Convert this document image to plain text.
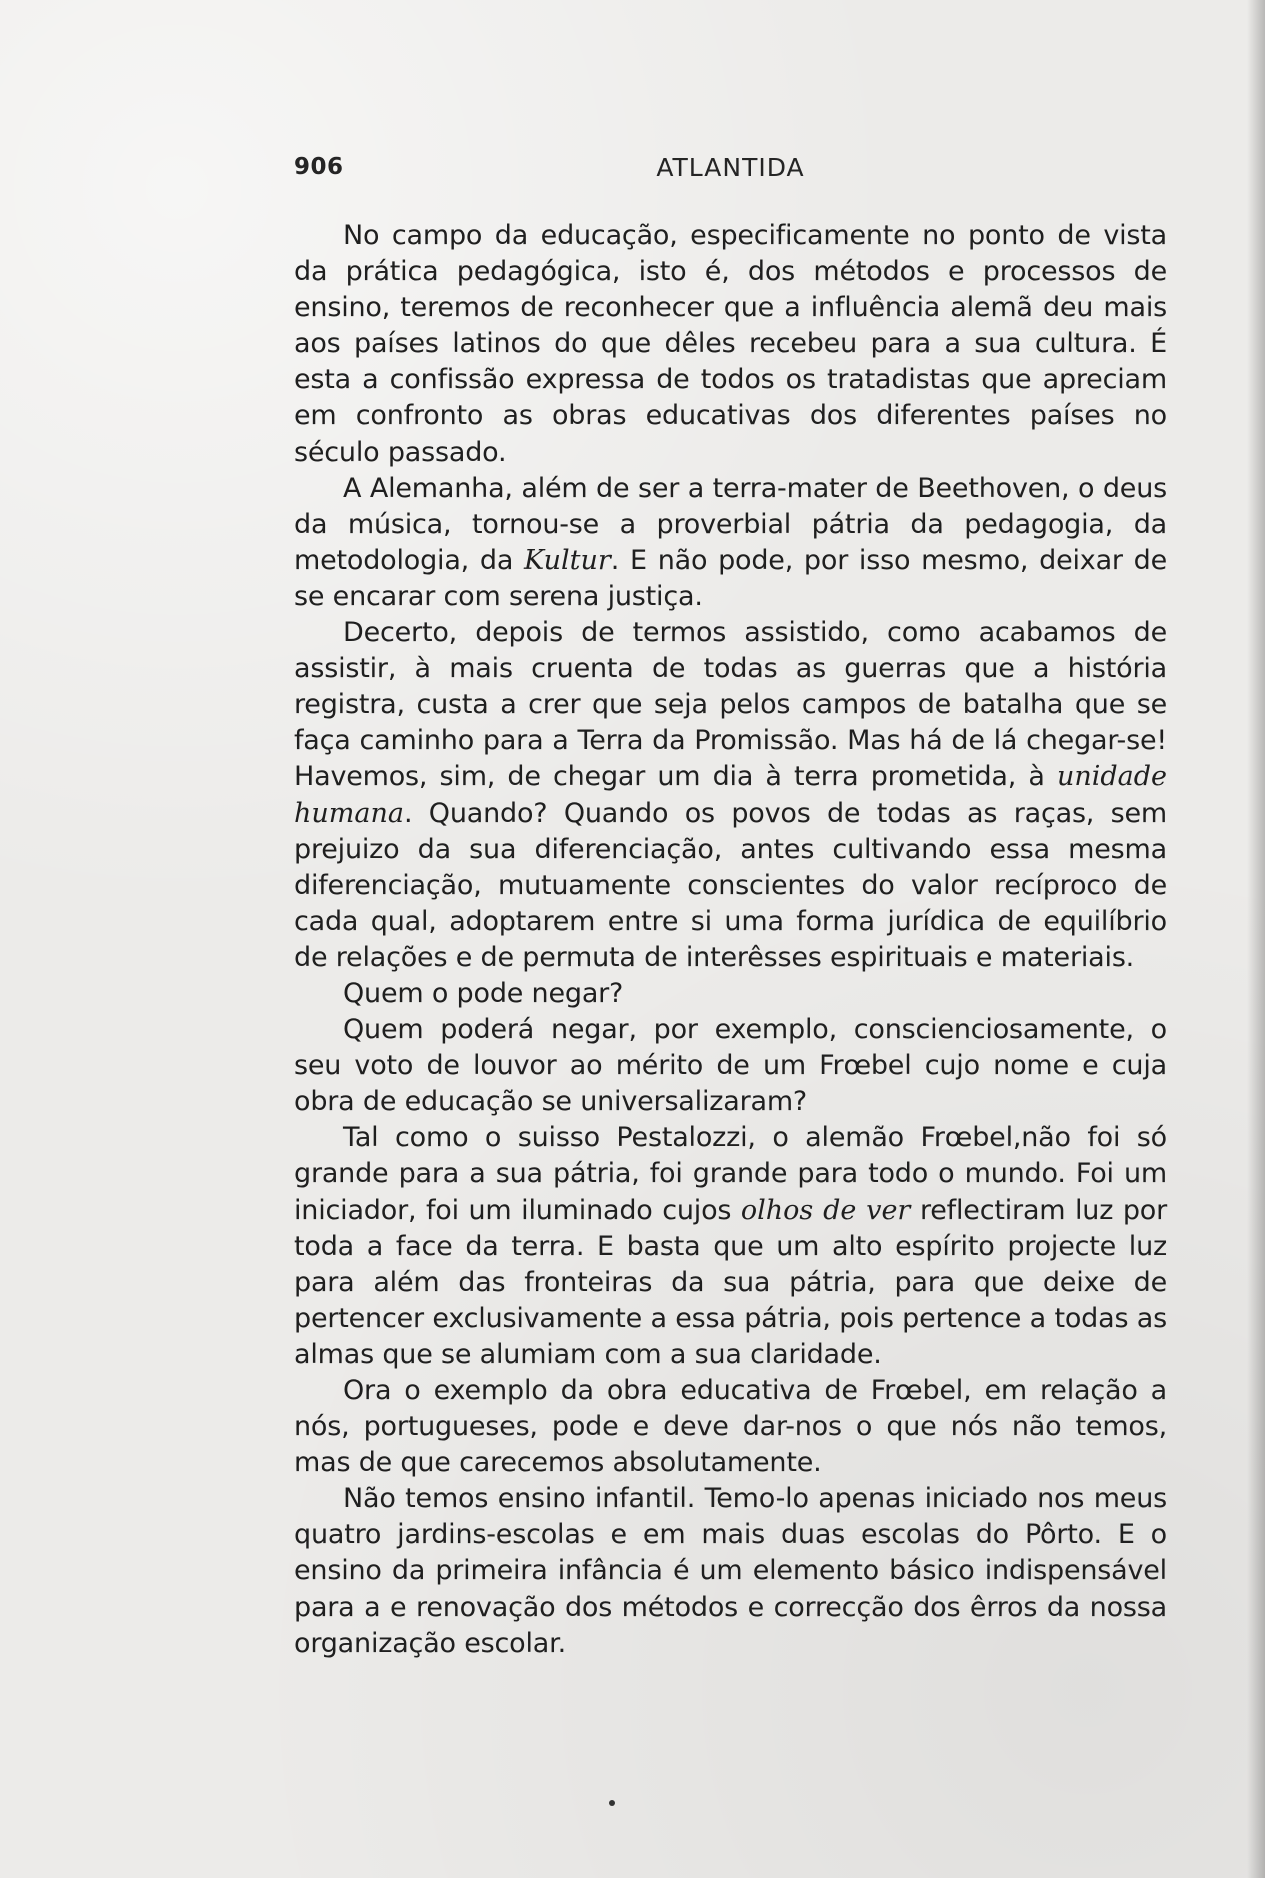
906	ATLANTIDA

No campo da educação, especificamente no ponto de vista da prática pedagógica, isto é, dos métodos e processos de ensino, teremos de reconhecer que a influência alemã deu mais aos países latinos do que dêles recebeu para a sua cultura. É esta a confissão expressa de todos os tratadistas que apreciam em confronto as obras educativas dos diferentes países no século passado.

A Alemanha, além de ser a terra-mater de Beethoven, o deus da música, tornou-se a proverbial pátria da pedagogia, da metodologia, da Kultur. E não pode, por isso mesmo, deixar de se encarar com serena justiça.

Decerto, depois de termos assistido, como acabamos de assistir, à mais cruenta de todas as guerras que a história registra, custa a crer que seja pelos campos de batalha que se faça caminho para a Terra da Promissão. Mas há de lá chegar-se! Havemos, sim, de chegar um dia à terra prometida, à unidade humana. Quando? Quando os povos de todas as raças, sem prejuizo da sua diferenciação, antes cultivando essa mesma diferenciação, mutuamente conscientes do valor recíproco de cada qual, adoptarem entre si uma forma jurídica de equilíbrio de relações e de permuta de interêsses espirituais e materiais.

Quem o pode negar?

Quem poderá negar, por exemplo, conscienciosamente, o seu voto de louvor ao mérito de um Frœbel cujo nome e cuja obra de educação se universalizaram?

Tal como o suisso Pestalozzi, o alemão Frœbel,não foi só grande para a sua pátria, foi grande para todo o mundo. Foi um iniciador, foi um iluminado cujos olhos de ver reflectiram luz por toda a face da terra. E basta que um alto espírito projecte luz para além das fronteiras da sua pátria, para que deixe de pertencer exclusivamente a essa pátria, pois pertence a todas as almas que se alumiam com a sua claridade.

Ora o exemplo da obra educativa de Frœbel, em relação a nós, portugueses, pode e deve dar-nos o que nós não temos, mas de que carecemos absolutamente.

Não temos ensino infantil. Temo-lo apenas iniciado nos meus quatro jardins-escolas e em mais duas escolas do Pôrto. E o ensino da primeira infância é um elemento básico indispensável para a e renovação dos métodos e correcção dos êrros da nossa organização escolar.
